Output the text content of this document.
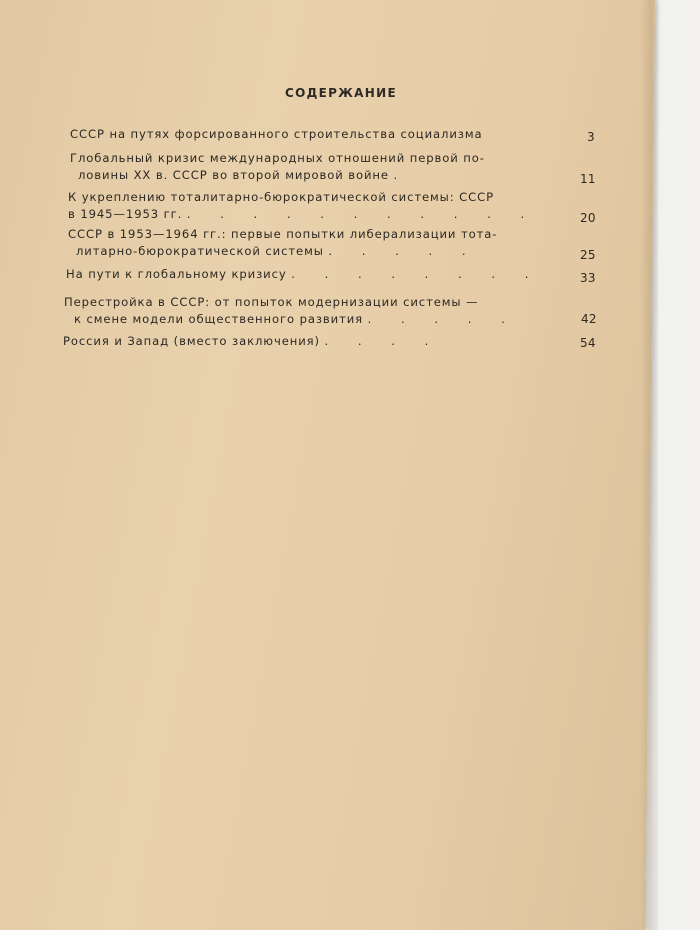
СОДЕРЖАНИЕ
СССР на путях форсированного строительства социализма	3
Глобальный кризис международных отношений первой по-
ловины XX в. СССР во второй мировой войне .	11
К укреплению тоталитарно-бюрократической системы: СССР
в 1945—1953 гг. . . . . . . . . . . .	20
СССР в 1953—1964 гг.: первые попытки либерализации тота-
литарно-бюрократической системы . . . . .	25
На пути к глобальному кризису . . . . . . . .	33
Перестройка в СССР: от попыток модернизации системы —
к смене модели общественного развития . . . . .	42
Россия и Запад (вместо заключения) . . . .	54
